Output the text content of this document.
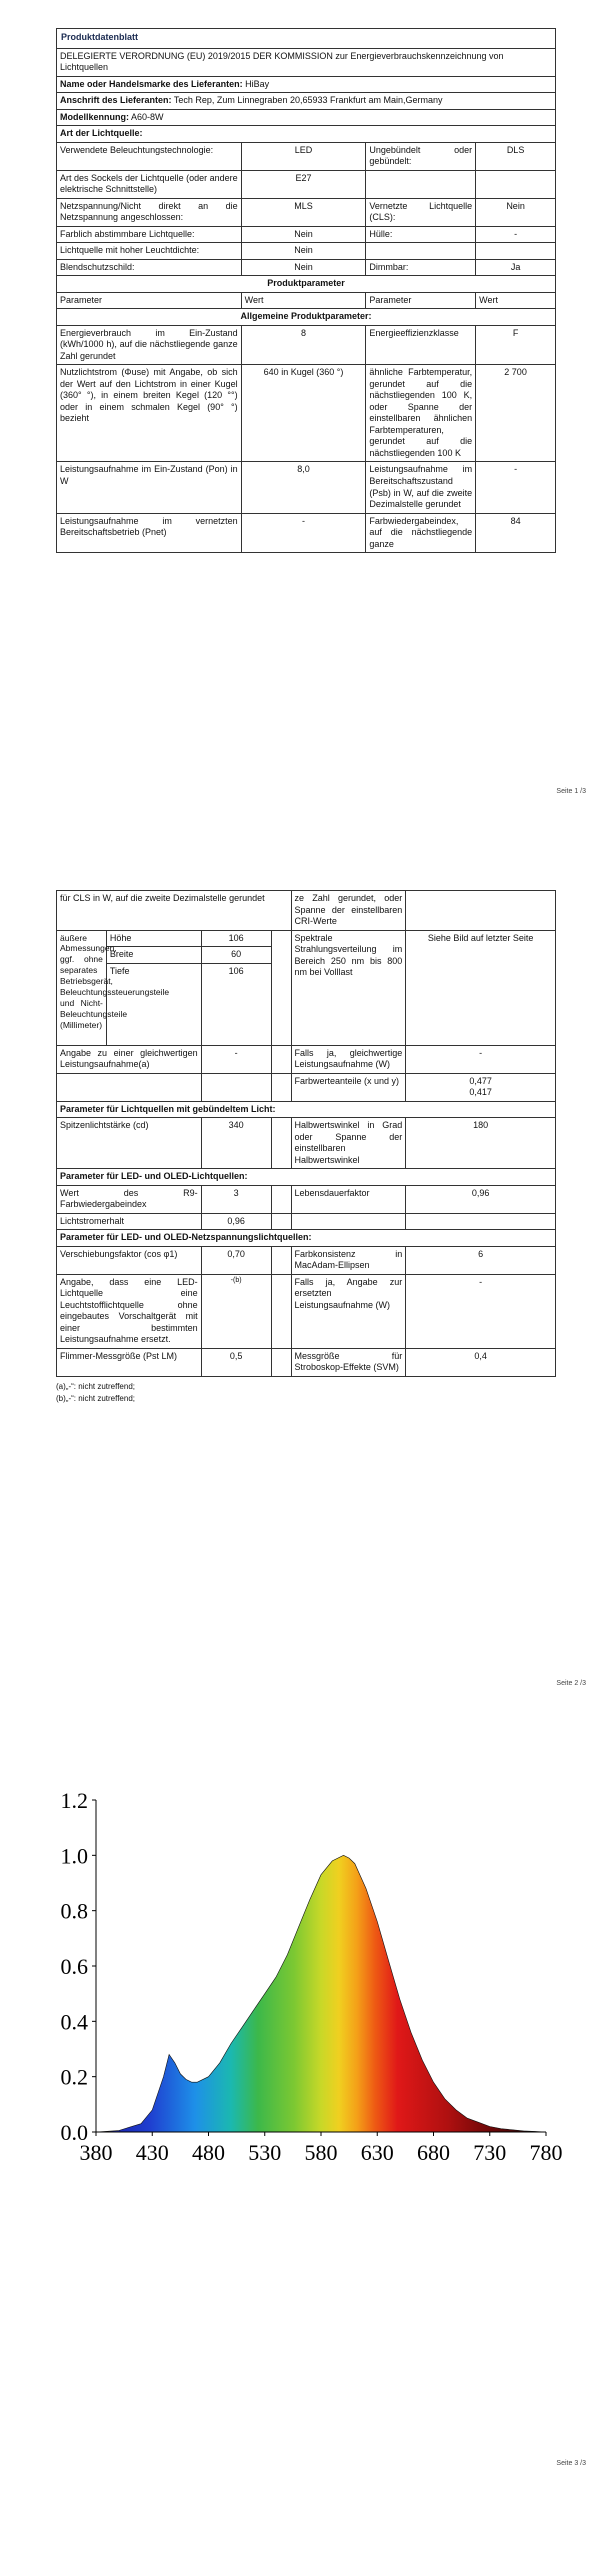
Produktdatenblatt			
DELEGIERTE VERORDNUNG (EU) 2019/2015 DER KOMMISSION zur Energieverbrauchskennzeichnung von Lichtquellen			
Name oder Handelsmarke des Lieferanten: HiBay			
Anschrift des Lieferanten: Tech Rep, Zum Linnegraben 20,65933 Frankfurt am Main,Germany			
Modellkennung: A60-8W			
Art der Lichtquelle:			
Verwendete Beleuchtungstechnologie:	LED	Ungebündelt oder gebündelt:	DLS
Art des Sockels der Lichtquelle (oder andere elektrische Schnittstelle)	E27		
Netzspannung/Nicht direkt an die Netzspannung angeschlossen:	MLS	Vernetzte Lichtquelle (CLS):	Nein
Farblich abstimmbare Lichtquelle:	Nein	Hülle:	-
Lichtquelle mit hoher Leuchtdichte:	Nein		
Blendschutzschild:	Nein	Dimmbar:	Ja
Produktparameter			
Parameter	Wert	Parameter	Wert
Allgemeine Produktparameter:			
Energieverbrauch im Ein-Zustand (kWh/1000 h), auf die nächstliegende ganze Zahl gerundet	8	Energieeffizienzklasse	F
Nutzlichtstrom (Φuse) mit Angabe, ob sich der Wert auf den Lichtstrom in einer Kugel (360° °), in einem breiten Kegel (120 °°) oder in einem schmalen Kegel (90° °) bezieht	640 in Kugel (360 °)	ähnliche Farbtemperatur, gerundet auf die nächstliegenden 100 K, oder Spanne der einstellbaren ähnlichen Farbtemperaturen, gerundet auf die nächstliegenden 100 K	2 700
Leistungsaufnahme im Ein-Zustand (Pon) in W	8,0	Leistungsaufnahme im Bereitschaftszustand (Psb) in W, auf die zweite Dezimalstelle gerundet	-
Leistungsaufnahme im vernetzten Bereitschaftsbetrieb (Pnet)	-	Farbwiedergabeindex, auf die nächstliegende ganze	84
Seite 1 /3
für CLS in W, auf die zweite Dezimalstelle gerundet				ze Zahl gerundet, oder Spanne der einstellbaren CRI-Werte	
äußere Abmessungen, ggf. ohne separates Betriebsgerät, Beleuchtungssteuerungsteile und Nicht-Beleuchtungsteile (Millimeter)	Höhe	106		Spektrale Strahlungsverteilung im Bereich 250 nm bis 800 nm bei Volllast	Siehe Bild auf letzter Seite
	Breite	60			
	Tiefe	106			
Angabe zu einer gleichwertigen Leistungsaufnahme(a)		-		Falls ja, gleichwertige Leistungsaufnahme (W)	-
				Farbwerteanteile (x und y)	0,477
0,417
Parameter für Lichtquellen mit gebündeltem Licht:					
Spitzenlichtstärke (cd)		340		Halbwertswinkel in Grad oder Spanne der einstellbaren Halbwertswinkel	180
Parameter für LED- und OLED-Lichtquellen:					
Wert des R9-Farbwiedergabeindex		3		Lebensdauerfaktor	0,96
Lichtstromerhalt		0,96			
Parameter für LED- und OLED-Netzspannungslichtquellen:					
Verschiebungsfaktor (cos φ1)		0,70		Farbkonsistenz in MacAdam-Ellipsen	6
Angabe, dass eine LED-Lichtquelle eine Leuchtstofflichtquelle ohne eingebautes Vorschaltgerät mit einer bestimmten Leistungsaufnahme ersetzt.		-(b)		Falls ja, Angabe zur ersetzten Leistungsaufnahme (W)	-
Flimmer-Messgröße (Pst LM)		0,5		Messgröße für Stroboskop-Effekte (SVM)	0,4
(a)„-“: nicht zutreffend;
(b)„-“: nicht zutreffend;
Seite 2 /3
0.0
0.2
0.4
0.6
0.8
1.0
1.2
380 430 480 530 580 630 680 730 780
Seite 3 /3
